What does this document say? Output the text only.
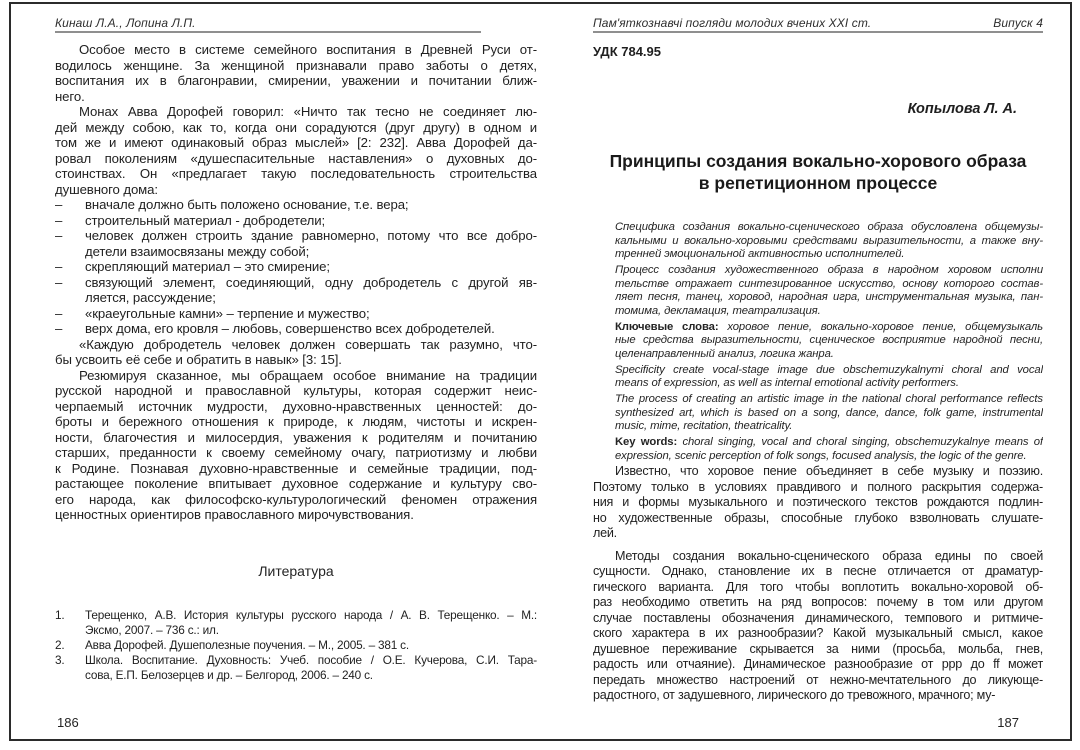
Кинаш Л.А., Лопина Л.П.
Особое место в системе семейного воспитания в Древней Руси от-
водилось женщине. За женщиной признавали право заботы о детях,
воспитания их в благонравии, смирении, уважении и почитании ближ-
него.
Монах Авва Дорофей говорил: «Ничто так тесно не соединяет лю-
дей между собою, как то, когда они сорадуются (друг другу) в одном и
том же и имеют одинаковый образ мыслей» [2: 232]. Авва Дорофей да-
ровал поколениям «душеспасительные наставления» о духовных до-
стоинствах. Он «предлагает такую последовательность строительства
душевного дома:
–	вначале должно быть положено основание, т.е. вера;
–	строительный материал - добродетели;
–	человек должен строить здание равномерно, потому что все добро-
детели взаимосвязаны между собой;
–	скрепляющий материал – это смирение;
–	связующий элемент, соединяющий, одну добродетель с другой яв-
ляется, рассуждение;
–	«краеугольные камни» – терпение и мужество;
–	верх дома, его кровля – любовь, совершенство всех добродетелей.
«Каждую добродетель человек должен совершать так разумно, что-
бы усвоить её себе и обратить в навык» [3: 15].
Резюмируя сказанное, мы обращаем особое внимание на традиции
русской народной и православной культуры, которая содержит неис-
черпаемый источник мудрости, духовно-нравственных ценностей: до-
броты и бережного отношения к природе, к людям, чистоты и искрен-
ности, благочестия и милосердия, уважения к родителям и почитанию
старших, преданности к своему семейному очагу, патриотизму и любви
к Родине. Познавая духовно-нравственные и семейные традиции, под-
растающее поколение впитывает духовное содержание и культуру сво-
его народа, как философско-культурологический феномен отражения
ценностных ориентиров православного мирочувствования.
Литература
1.	Терещенко, А.В. История культуры русского народа / А. В. Терещенко. – М.:
Эксмо, 2007. – 736 с.: ил.
2.	Авва Дорофей. Душеполезные поучения. – М., 2005. – 381 с.
3.	Школа. Воспитание. Духовность: Учеб. пособие / О.Е. Кучерова, С.И. Тара-
сова, Е.П. Белозерцев и др. – Белгород, 2006. – 240 с.
186
Пам'яткознавчі погляди молодих вчених XXI ст.	Випуск 4
УДК 784.95
Копылова Л. А.
Принципы создания вокально-хорового образа
в репетиционном процессе
Специфика создания вокально-сценического образа обусловлена общемузы-
кальными и вокально-хоровыми средствами выразительности, а также вну-
тренней эмоциональной активностью исполнителей.
Процесс создания художественного образа в народном хоровом исполни
тельстве отражает синтезированное искусство, основу которого состав-
ляет песня, танец, хоровод, народная игра, инструментальная музыка, пан-
томима, декламация, театрализация.
Ключевые слова: хоровое пение, вокально-хоровое пение, общемузыкаль
ные средства выразительности, сценическое восприятие народной песни,
целенаправленный анализ, логика жанра.
Specificity create vocal-stage image due obschemuzykalnymi choral and vocal
means of expression, as well as internal emotional activity performers.
The process of creating an artistic image in the national choral performance reflects
synthesized art, which is based on a song, dance, dance, folk game, instrumental
music, mime, recitation, theatricality.
Key words: choral singing, vocal and choral singing, obschemuzykalnye means of
expression, scenic perception of folk songs, focused analysis, the logic of the genre.
Известно, что хоровое пение объединяет в себе музыку и поэзию.
Поэтому только в условиях правдивого и полного раскрытия содержа-
ния и формы музыкального и поэтического текстов рождаются подлин-
но художественные образы, способные глубоко взволновать слушате-
лей.
Методы создания вокально-сценического образа едины по своей
сущности. Однако, становление их в песне отличается от драматур-
гического варианта. Для того чтобы воплотить вокально-хоровой об-
раз необходимо ответить на ряд вопросов: почему в том или другом
случае поставлены обозначения динамического, темпового и ритмиче-
ского характера в их разнообразии? Какой музыкальный смысл, какое
душевное переживание скрывается за ними (просьба, мольба, гнев,
радость или отчаяние). Динамическое разнообразие от ppp до ff может
передать множество настроений от нежно-мечтательного до ликующе-
радостного, от задушевного, лирического до тревожного, мрачного; му-
187
